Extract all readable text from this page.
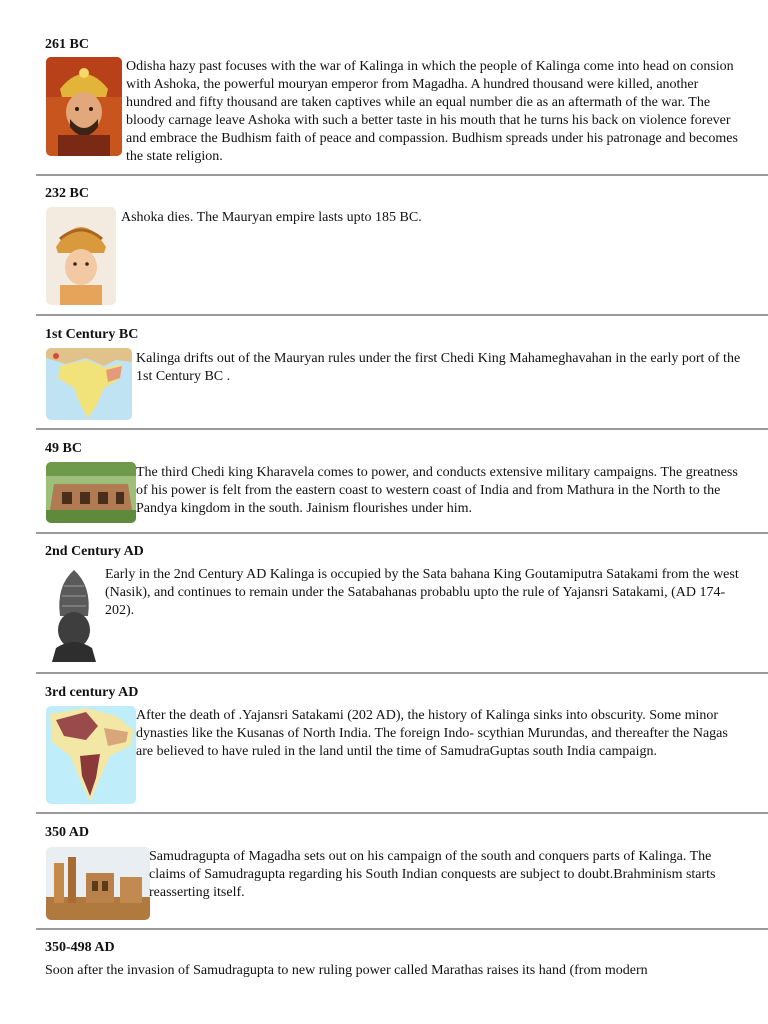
261 BC
Odisha hazy past focuses with the war of Kalinga in which the people of Kalinga come into head on consion with Ashoka, the powerful mouryan emperor from Magadha. A hundred thousand were killed, another hundred and fifty thousand are taken captives while an equal number die as an aftermath of the war. The bloody carnage leave Ashoka with such a better taste in his mouth that he turns his back on violence forever and embrace the Budhism faith of peace and compassion. Budhism spreads under his patronage and becomes the state religion.
232 BC
Ashoka dies. The Mauryan empire lasts upto 185 BC.
1st Century BC
Kalinga drifts out of the Mauryan rules under the first Chedi King Mahameghavahan in the early port of the 1st Century BC .
49 BC
The third Chedi king Kharavela comes to power, and conducts extensive military campaigns. The greatness of his power is felt from the eastern coast to western coast of India and from Mathura in the North to the Pandya kingdom in the south. Jainism flourishes under him.
2nd Century AD
Early in the 2nd Century AD Kalinga is occupied by the Sata bahana King Goutamiputra Satakami from the west (Nasik), and continues to remain under the Satabahanas probablu upto the rule of Yajansri Satakami, (AD 174-202).
3rd century AD
After the death of .Yajansri Satakami (202 AD), the history of Kalinga sinks into obscurity. Some minor dynasties like the Kusanas of North India. The foreign Indo- scythian Murundas, and thereafter the Nagas are believed to have ruled in the land until the time of SamudraGuptas south India campaign.
350 AD
Samudragupta of Magadha sets out on his campaign of the south and conquers parts of Kalinga. The claims of Samudragupta regarding his South Indian conquests are subject to doubt.Brahminism starts reasserting itself.
350-498 AD
Soon after the invasion of Samudragupta to new ruling power called Marathas raises its hand (from modern
